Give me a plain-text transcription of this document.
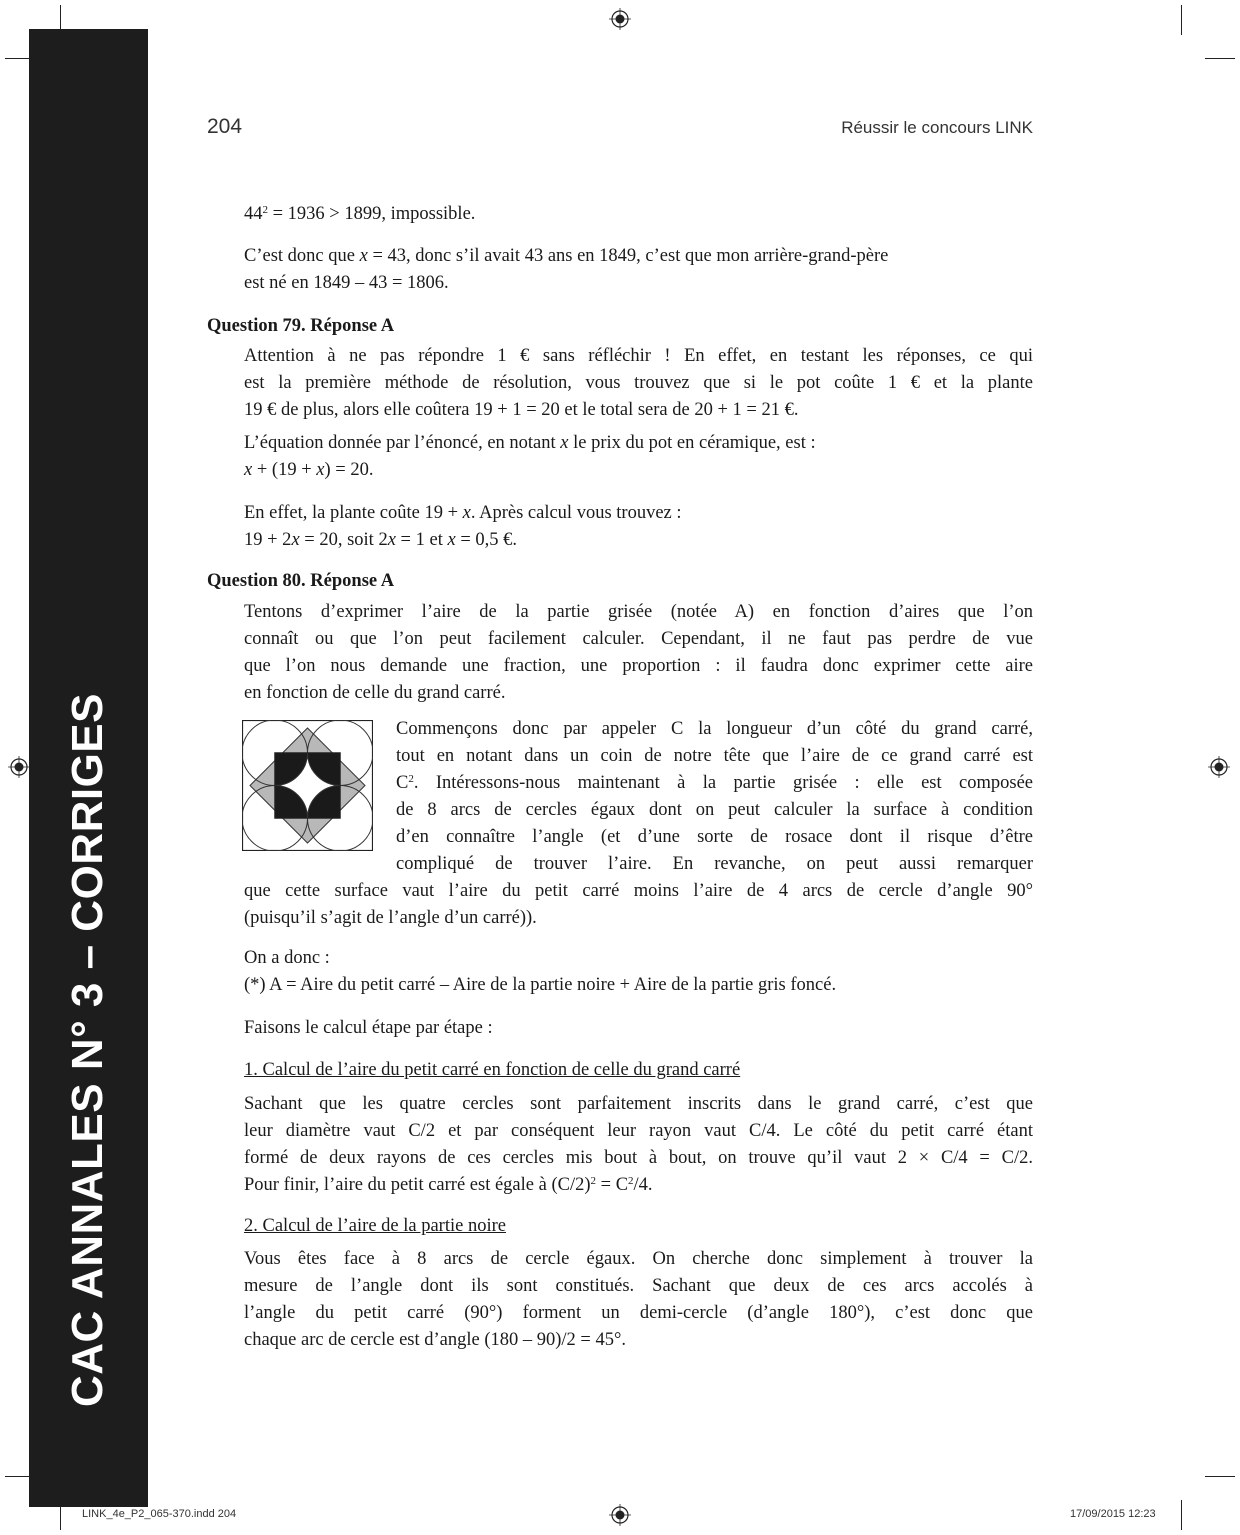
CAC ANNALES N° 3 – CORRIGES
204	Réussir le concours LINK
$44^2 = 1936 > 1899$, impossible.
C’est donc que x = 43, donc s’il avait 43 ans en 1849, c’est que mon arrière-grand-père
est né en 1849 – 43 = 1806.
Question 79. Réponse A
Attention à ne pas répondre 1 € sans réfléchir ! En effet, en testant les réponses, ce qui
est la première méthode de résolution, vous trouvez que si le pot coûte 1 € et la plante
19 € de plus, alors elle coûtera 19 + 1 = 20 et le total sera de 20 + 1 = 21 €.
L’équation donnée par l’énoncé, en notant x le prix du pot en céramique, est :
x + (19 + x) = 20.
En effet, la plante coûte 19 + x. Après calcul vous trouvez :
19 + 2x = 20, soit 2x = 1 et x = 0,5 €.
Question 80. Réponse A
Tentons d’exprimer l’aire de la partie grisée (notée A) en fonction d’aires que l’on
connaît ou que l’on peut facilement calculer. Cependant, il ne faut pas perdre de vue
que l’on nous demande une fraction, une proportion : il faudra donc exprimer cette aire
en fonction de celle du grand carré.
Commençons donc par appeler C la longueur d’un côté du grand carré,
tout en notant dans un coin de notre tête que l’aire de ce grand carré est
$C^2$. Intéressons-nous maintenant à la partie grisée : elle est composée
de 8 arcs de cercles égaux dont on peut calculer la surface à condition
d’en connaître l’angle (et d’une sorte de rosace dont il risque d’être
compliqué de trouver l’aire. En revanche, on peut aussi remarquer
que cette surface vaut l’aire du petit carré moins l’aire de 4 arcs de cercle d’angle 90°
(puisqu’il s’agit de l’angle d’un carré)).
On a donc :
(*) A = Aire du petit carré – Aire de la partie noire + Aire de la partie gris foncé.
Faisons le calcul étape par étape :
1. Calcul de l’aire du petit carré en fonction de celle du grand carré
Sachant que les quatre cercles sont parfaitement inscrits dans le grand carré, c’est que
leur diamètre vaut C/2 et par conséquent leur rayon vaut C/4. Le côté du petit carré étant
formé de deux rayons de ces cercles mis bout à bout, on trouve qu’il vaut 2 × C/4 = C/2.
Pour finir, l’aire du petit carré est égale à $(C/2)^2 = C^2/4$.
2. Calcul de l’aire de la partie noire
Vous êtes face à 8 arcs de cercle égaux. On cherche donc simplement à trouver la
mesure de l’angle dont ils sont constitués. Sachant que deux de ces arcs accolés à
l’angle du petit carré (90°) forment un demi-cercle (d’angle 180°), c’est donc que
chaque arc de cercle est d’angle (180 – 90)/2 = 45°.
LINK_4e_P2_065-370.indd 204	17/09/2015 12:23
